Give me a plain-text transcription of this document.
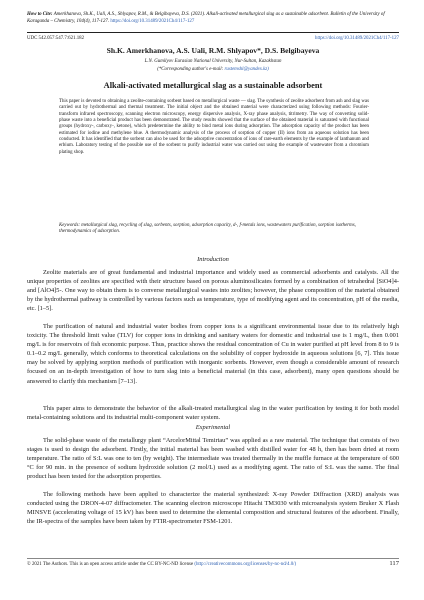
How to Cite: Amerkhanova, Sh.K., Uali, A.S., Shlyapov, R.M., & Belgibayeva, D.S. (2021). Alkali-activated metallurgical slag as a sustainable adsorbent. Bulletin of the University of Karaganda – Chemistry, 104(4), 117-127. https://doi.org/10.31489/2021Ch4/117-127
UDC 542.057:547.7:621.182	https://doi.org/10.31489/2021Ch4/117-127
Sh.K. Amerkhanova, A.S. Uali, R.M. Shlyapov*, D.S. Belgibayeva
L.N. Gumilyov Eurasian National University, Nur-Sultan, Kazakhstan
(*Corresponding author's e-mail: rustemshl@yandex.kz)
Alkali-activated metallurgical slag as a sustainable adsorbent
This paper is devoted to obtaining a zeolite-containing sorbent based on metallurgical waste — slag. The synthesis of zeolite adsorbent from ash and slag was carried out by hydrothermal and thermal treatment. The initial object and the obtained material were characterized using following methods: Fourier-transform infrared spectroscopy, scanning electron microscopy, energy dispersive analysis, X-ray phase analysis, titrimetry. The way of converting solid-phase waste into a beneficial product has been demonstrated. The study results showed that the surface of the obtained material is saturated with functional groups (hydroxy-, carboxy-, ketone), which predetermine the ability to bind metal ions during adsorption. The adsorption capacity of the product has been estimated for iodine and methylene blue. A thermodynamic analysis of the process of sorption of copper (II) ions from an aqueous solution has been conducted. It has identified that the sorbent can also be used for the adsorptive concentration of ions of rare-earth elements by the example of lanthanum and erbium. Laboratory testing of the possible use of the sorbent to purify industrial water was carried out using the example of wastewater from a chromium plating shop.
Keywords: metallurgical slag, recycling of slag, sorbents, sorption, adsorption capacity, d-, f-metals ions, wastewaters purification, sorption isotherms, thermodynamics of adsorption.
Introduction
Zeolite materials are of great fundamental and industrial importance and widely used as commercial adsorbents and catalysts. All the unique properties of zeolites are specified with their structure based on porous aluminosilicates formed by a combination of tetrahedral [SiO4]4- and [AlO4]5-. One way to obtain them is to converse metallurgical wastes into zeolites; however, the phase composition of the material obtained by the hydrothermal pathway is controlled by various factors such as temperature, type of modifying agent and its concentration, pH of the media, etc. [1–5].
The purification of natural and industrial water bodies from copper ions is a significant environmental issue due to its relatively high toxicity. The threshold limit value (TLV) for copper ions in drinking and sanitary waters for domestic and industrial use is 1 mg/L, then 0.001 mg/L is for reservoirs of fish economic purpose. Thus, practice shows the residual concentration of Cu in water purified at pH level from 8 to 9 is 0.1–0.2 mg/L generally, which conforms to theoretical calculations on the solubility of copper hydroxide in aqueous solutions [6, 7]. This issue may be solved by applying sorption methods of purification with inorganic sorbents. However, even though a considerable amount of research focused on an in-depth investigation of how to turn slag into a beneficial material (in this case, adsorbent), many open questions should be answered to clarify this mechanism [7–13].
This paper aims to demonstrate the behavior of the alkali-treated metallurgical slag in the water purification by testing it for both model metal-containing solutions and its industrial multi-component water system.
Experimental
The solid-phase waste of the metallurgy plant “ArcelorMittal Temirtau” was applied as a raw material. The technique that consists of two stages is used to design the adsorbent. Firstly, the initial material has been washed with distilled water for 48 h, then has been dried at room temperature. The ratio of S:L was one to ten (by weight). The intermediate was treated thermally in the muffle furnace at the temperature of 600 °C for 90 min. in the presence of sodium hydroxide solution (2 mol/L) used as a modifying agent. The ratio of S:L was the same. The final product has been tested for the adsorption properties.
The following methods have been applied to characterize the material synthesized: X-ray Powder Diffraction (XRD) analysis was conducted using the DRON-4-07 diffractometer. The scanning electron microscope Hitachi TM3030 with microanalysis system Bruker X Flash MINSVE (accelerating voltage of 15 kV) has been used to determine the elemental composition and structural features of the adsorbent. Finally, the IR-spectra of the samples have been taken by FTIR-spectrometer FSM-1201.
© 2021 The Authors. This is an open access article under the CC BY-NC-ND license (http://creativecommons.org/licenses/by-nc-nd/4.0/)	117
